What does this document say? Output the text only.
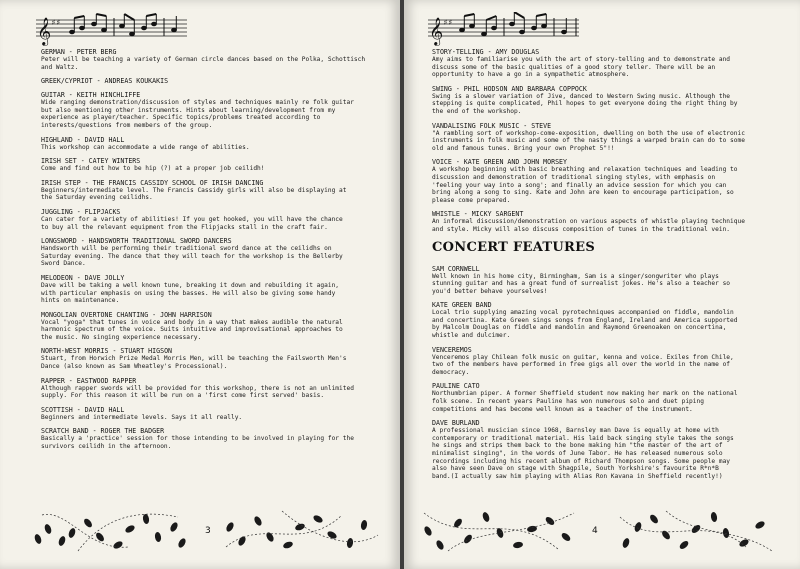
𝄞 ♯♯
GERMAN - PETER BERG
Peter will be teaching a variety of German circle dances based on the Polka, Schottisch and Waltz.
GREEK/CYPRIOT - ANDREAS KOUKAKIS
GUITAR - KEITH HINCHLIFFE
Wide ranging demonstration/discussion of styles and techniques mainly re folk guitar
but also mentioning other instruments. Hints about learning/development from my
experience as player/teacher. Specific topics/problems treated according to
interests/questions from members of the group.
HIGHLAND - DAVID HALL
This workshop can accommodate a wide range of abilities.
IRISH SET - CATEY WINTERS
Come and find out how to be hip (?) at a proper job ceilidh!
IRISH STEP - THE FRANCIS CASSIDY SCHOOL OF IRISH DANCING
Beginners/intermediate level. The Francis Cassidy girls will also be displaying at
the Saturday evening ceilidhs.
JUGGLING - FLIPJACKS
Can cater for a variety of abilities! If you get hooked, you will have the chance
to buy all the relevant equipment from the Flipjacks stall in the craft fair.
LONGSWORD - HANDSWORTH TRADITIONAL SWORD DANCERS
Handsworth will be performing their traditional sword dance at the ceilidhs on
Saturday evening. The dance that they will teach for the workshop is the Bellerby
Sword Dance.
MELODEON - DAVE JOLLY
Dave will be taking a well known tune, breaking it down and rebuilding it again,
with particular emphasis on using the basses. He will also be giving some handy
hints on maintenance.
MONGOLIAN OVERTONE CHANTING - JOHN HARRISON
Vocal "yoga" that tunes in voice and body in a way that makes audible the natural
harmonic spectrum of the voice. Suits intuitive and improvisational approaches to
the music. No singing experience necessary.
NORTH-WEST MORRIS - STUART HIGSON
Stuart, from Horwich Prize Medal Morris Men, will be teaching the Failsworth Men's
Dance (also known as Sam Wheatley's Processional).
RAPPER - EASTWOOD RAPPER
Although rapper swords will be provided for this workshop, there is not an unlimited
supply. For this reason it will be run on a 'first come first served' basis.
SCOTTISH - DAVID HALL
Beginners and intermediate levels. Says it all really.
SCRATCH BAND - ROGER THE BADGER
Basically a 'practice' session for those intending to be involved in playing for the
survivors ceilidh in the afternoon.
3
𝄞 ♯♯
STORY-TELLING - AMY DOUGLAS
Amy aims to familiarise you with the art of story-telling and to demonstrate and
discuss some of the basic qualities of a good story teller. There will be an
opportunity to have a go in a sympathetic atmosphere.
SWING - PHIL HODSON AND BARBARA COPPOCK
Swing is a slower variation of Jive, danced to Western Swing music. Although the
stepping is quite complicated, Phil hopes to get everyone doing the right thing by
the end of the workshop.
VANDALISING FOLK MUSIC - STEVE
"A rambling sort of workshop-come-exposition, dwelling on both the use of electronic
instruments in folk music and some of the nasty things a warped brain can do to some
old and famous tunes. Bring your own Prophet 5"!!
VOICE - KATE GREEN AND JOHN MORSEY
A workshop beginning with basic breathing and relaxation techniques and leading to
discussion and demonstration of traditional singing styles, with emphasis on
'feeling your way into a song'; and finally an advice session for which you can
bring along a song to sing. Kate and John are keen to encourage participation, so
please come prepared.
WHISTLE - MICKY SARGENT
An informal discussion/demonstration on various aspects of whistle playing technique
and style. Micky will also discuss composition of tunes in the traditional vein.
CONCERT FEATURES
SAM CORNWELL
Well known in his home city, Birmingham, Sam is a singer/songwriter who plays
stunning guitar and has a great fund of surrealist jokes. He's also a teacher so
you'd better behave yourselves!
KATE GREEN BAND
Local trio supplying amazing vocal pyrotechniques accompanied on fiddle, mandolin
and concertina. Kate Green sings songs from England, Ireland and America supported
by Malcolm Douglas on fiddle and mandolin and Raymond Greenoaken on concertina,
whistle and dulcimer.
VENCEREMOS
Venceremos play Chilean folk music on guitar, kenna and voice. Exiles from Chile,
two of the members have performed in free gigs all over the world in the name of
democracy.
PAULINE CATO
Northumbrian piper. A former Sheffield student now making her mark on the national
folk scene. In recent years Pauline has won numerous solo and duet piping
competitions and has become well known as a teacher of the instrument.
DAVE BURLAND
A professional musician since 1968, Barnsley man Dave is equally at home with
contemporary or traditional material. His laid back singing style takes the songs
he sings and strips them back to the bone making him "the master of the art of
minimalist singing", in the words of June Tabor. He has released numerous solo
recordings including his recent album of Richard Thompson songs. Some people may
also have seen Dave on stage with Shagpile, South Yorkshire's favourite R*n*B
band.(I actually saw him playing with Alias Ron Kavana in Sheffield recently!)
4
